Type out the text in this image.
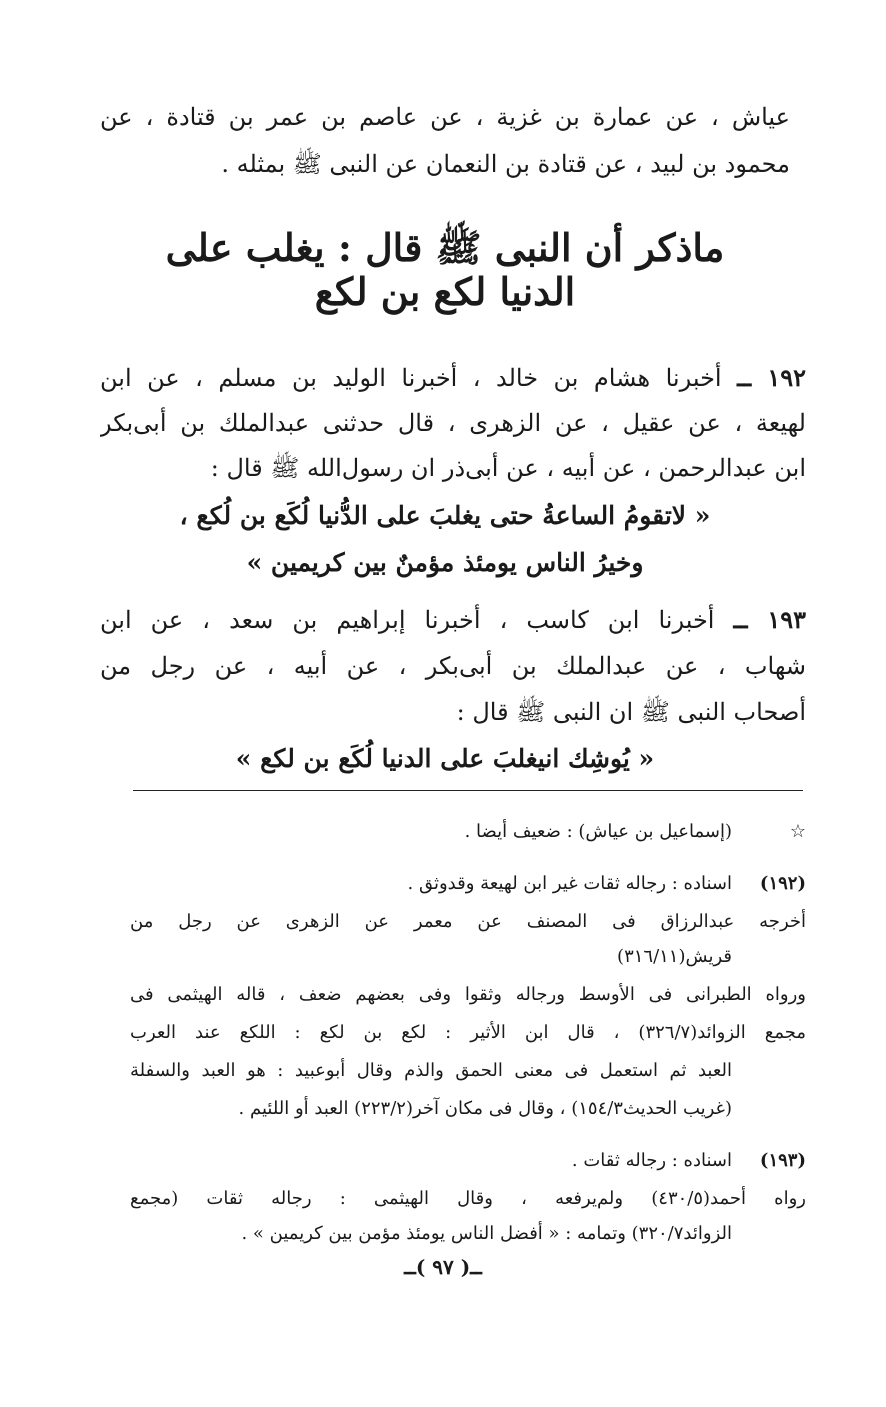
عياش ، عن عمارة بن غزية ، عن عاصم بن عمر بن قتادة ، عن
محمود بن لبيد ، عن قتادة بن النعمان عن النبى ﷺ بمثله .
ماذكر أن النبى ﷺ قال : يغلب على
الدنيا لكع بن لكع
١٩٢ ــ أخبرنا هشام بن خالد ، أخبرنا الوليد بن مسلم ، عن ابن
لهيعة ، عن عقيل ، عن الزهرى ، قال حدثنى عبدالملك بن أبى‌بكر
ابن عبدالرحمن ، عن أبيه ، عن أبى‌ذر ان رسول‌الله ﷺ قال :
« لاتقومُ الساعةُ حتى يغلبَ على الدُّنيا لُكَع بن لُكع ،
وخيرُ الناس يومئذ مؤمنٌ بين كريمين »
١٩٣ ــ أخبرنا ابن كاسب ، أخبرنا إبراهيم بن سعد ، عن ابن
شهاب ، عن عبدالملك بن أبى‌بكر ، عن أبيه ، عن رجل من
أصحاب النبى ﷺ ان النبى ﷺ قال :
« يُوشِك انيغلبَ على الدنيا لُكَع بن لكع »
☆
(إسماعيل بن عياش) : ضعيف أيضا .
(١٩٢)
اسناده : رجاله ثقات غير ابن لهيعة وقدوثق .
أخرجه عبدالرزاق فى المصنف عن معمر عن الزهرى عن رجل من
قريش(٣١٦/١١)
ورواه الطبرانى فى الأوسط ورجاله وثقوا وفى بعضهم ضعف ، قاله الهيثمى فى
مجمع الزوائد(٣٢٦/٧) ، قال ابن الأثير : لكع بن لكع : اللكع عند العرب
العبد ثم استعمل فى معنى الحمق والذم وقال أبوعبيد : هو العبد والسفلة
(غريب الحديث١٥٤/٣) ، وقال فى مكان آخر(٢٢٣/٢) العبد أو اللئيم .
(١٩٣)
اسناده : رجاله ثقات .
رواه أحمد(٤٣٠/٥) ولم‌يرفعه ، وقال الهيثمى : رجاله ثقات (مجمع
الزوائد٣٢٠/٧) وتمامه : « أفضل الناس يومئذ مؤمن بين كريمين » .
ــ( ٩٧ )ــ
